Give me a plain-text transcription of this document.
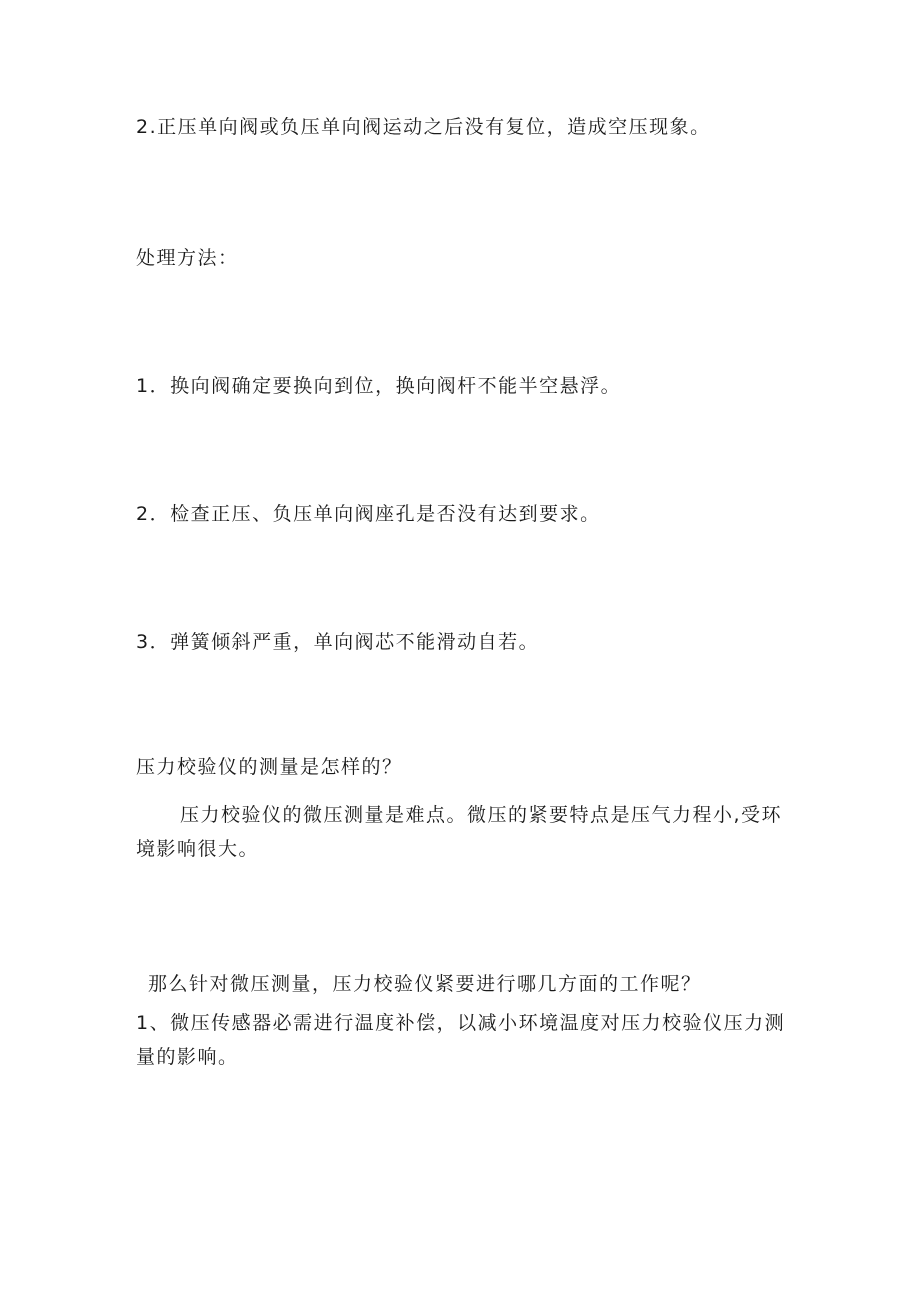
2.正压单向阀或负压单向阀运动之后没有复位，造成空压现象。
处理方法：
1．换向阀确定要换向到位，换向阀杆不能半空悬浮。
2．检查正压、负压单向阀座孔是否没有达到要求。
3．弹簧倾斜严重，单向阀芯不能滑动自若。
压力校验仪的测量是怎样的？
压力校验仪的微压测量是难点。微压的紧要特点是压气力程小,受环境影响很大。
那么针对微压测量，压力校验仪紧要进行哪几方面的工作呢？
1、微压传感器必需进行温度补偿，以减小环境温度对压力校验仪压力测量的影响。
